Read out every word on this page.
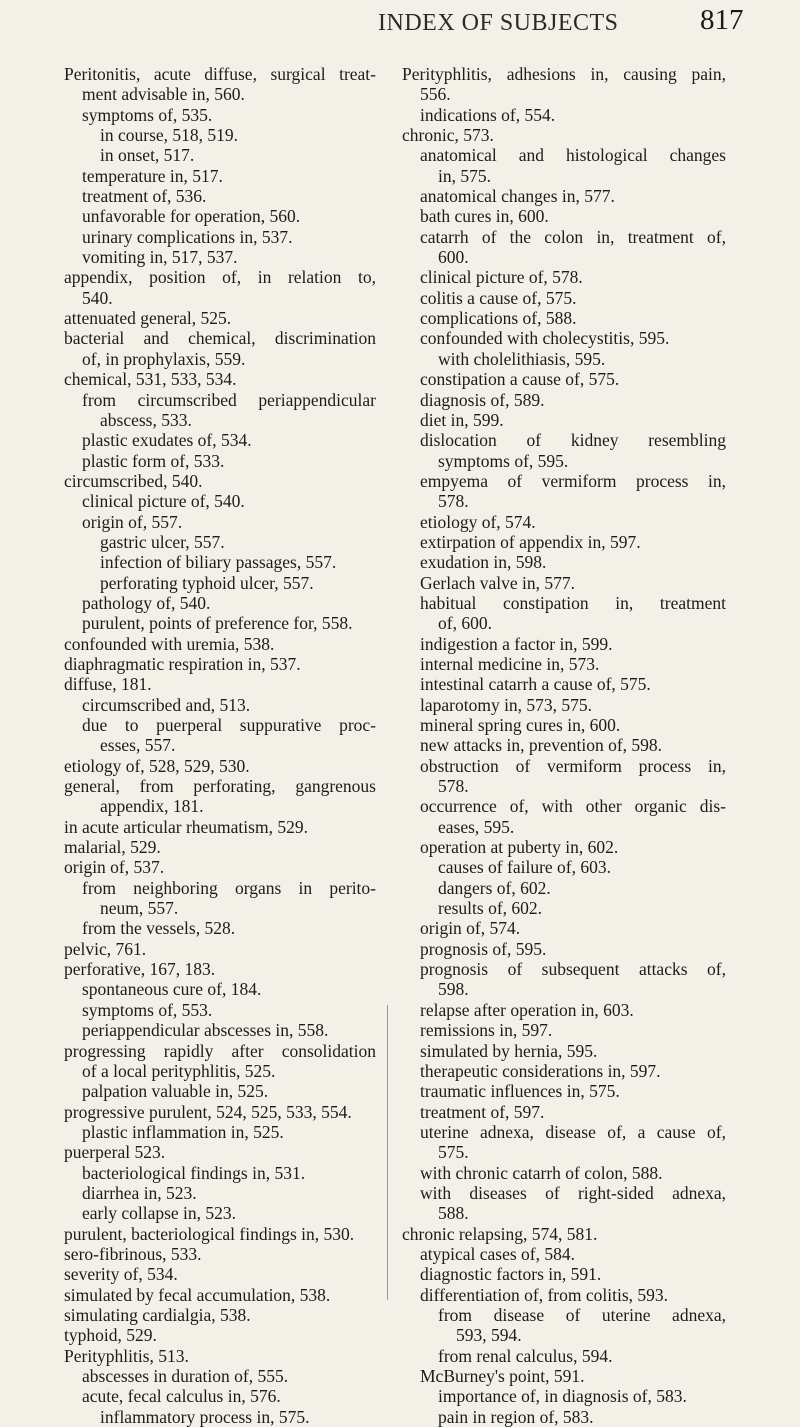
INDEX OF SUBJECTS	817
Peritonitis, acute diffuse, surgical treat-
ment advisable in, 560.
symptoms of, 535.
in course, 518, 519.
in onset, 517.
temperature in, 517.
treatment of, 536.
unfavorable for operation, 560.
urinary complications in, 537.
vomiting in, 517, 537.
appendix, position of, in relation to,
540.
attenuated general, 525.
bacterial and chemical, discrimination
of, in prophylaxis, 559.
chemical, 531, 533, 534.
from circumscribed periappendicular
abscess, 533.
plastic exudates of, 534.
plastic form of, 533.
circumscribed, 540.
clinical picture of, 540.
origin of, 557.
gastric ulcer, 557.
infection of biliary passages, 557.
perforating typhoid ulcer, 557.
pathology of, 540.
purulent, points of preference for, 558.
confounded with uremia, 538.
diaphragmatic respiration in, 537.
diffuse, 181.
circumscribed and, 513.
due to puerperal suppurative proc-
esses, 557.
etiology of, 528, 529, 530.
general, from perforating, gangrenous
appendix, 181.
in acute articular rheumatism, 529.
malarial, 529.
origin of, 537.
from neighboring organs in perito-
neum, 557.
from the vessels, 528.
pelvic, 761.
perforative, 167, 183.
spontaneous cure of, 184.
symptoms of, 553.
periappendicular abscesses in, 558.
progressing rapidly after consolidation
of a local perityphlitis, 525.
palpation valuable in, 525.
progressive purulent, 524, 525, 533, 554.
plastic inflammation in, 525.
puerperal 523.
bacteriological findings in, 531.
diarrhea in, 523.
early collapse in, 523.
purulent, bacteriological findings in, 530.
sero-fibrinous, 533.
severity of, 534.
simulated by fecal accumulation, 538.
simulating cardialgia, 538.
typhoid, 529.
Perityphlitis, 513.
abscesses in duration of, 555.
acute, fecal calculus in, 576.
inflammatory process in, 575.
Perityphlitis, adhesions in, causing pain,
556.
indications of, 554.
chronic, 573.
anatomical and histological changes
in, 575.
anatomical changes in, 577.
bath cures in, 600.
catarrh of the colon in, treatment of,
600.
clinical picture of, 578.
colitis a cause of, 575.
complications of, 588.
confounded with cholecystitis, 595.
with cholelithiasis, 595.
constipation a cause of, 575.
diagnosis of, 589.
diet in, 599.
dislocation of kidney resembling
symptoms of, 595.
empyema of vermiform process in,
578.
etiology of, 574.
extirpation of appendix in, 597.
exudation in, 598.
Gerlach valve in, 577.
habitual constipation in, treatment
of, 600.
indigestion a factor in, 599.
internal medicine in, 573.
intestinal catarrh a cause of, 575.
laparotomy in, 573, 575.
mineral spring cures in, 600.
new attacks in, prevention of, 598.
obstruction of vermiform process in,
578.
occurrence of, with other organic dis-
eases, 595.
operation at puberty in, 602.
causes of failure of, 603.
dangers of, 602.
results of, 602.
origin of, 574.
prognosis of, 595.
prognosis of subsequent attacks of,
598.
relapse after operation in, 603.
remissions in, 597.
simulated by hernia, 595.
therapeutic considerations in, 597.
traumatic influences in, 575.
treatment of, 597.
uterine adnexa, disease of, a cause of,
575.
with chronic catarrh of colon, 588.
with diseases of right-sided adnexa,
588.
chronic relapsing, 574, 581.
atypical cases of, 584.
diagnostic factors in, 591.
differentiation of, from colitis, 593.
from disease of uterine adnexa,
593, 594.
from renal calculus, 594.
McBurney's point, 591.
importance of, in diagnosis of, 583.
pain in region of, 583.
